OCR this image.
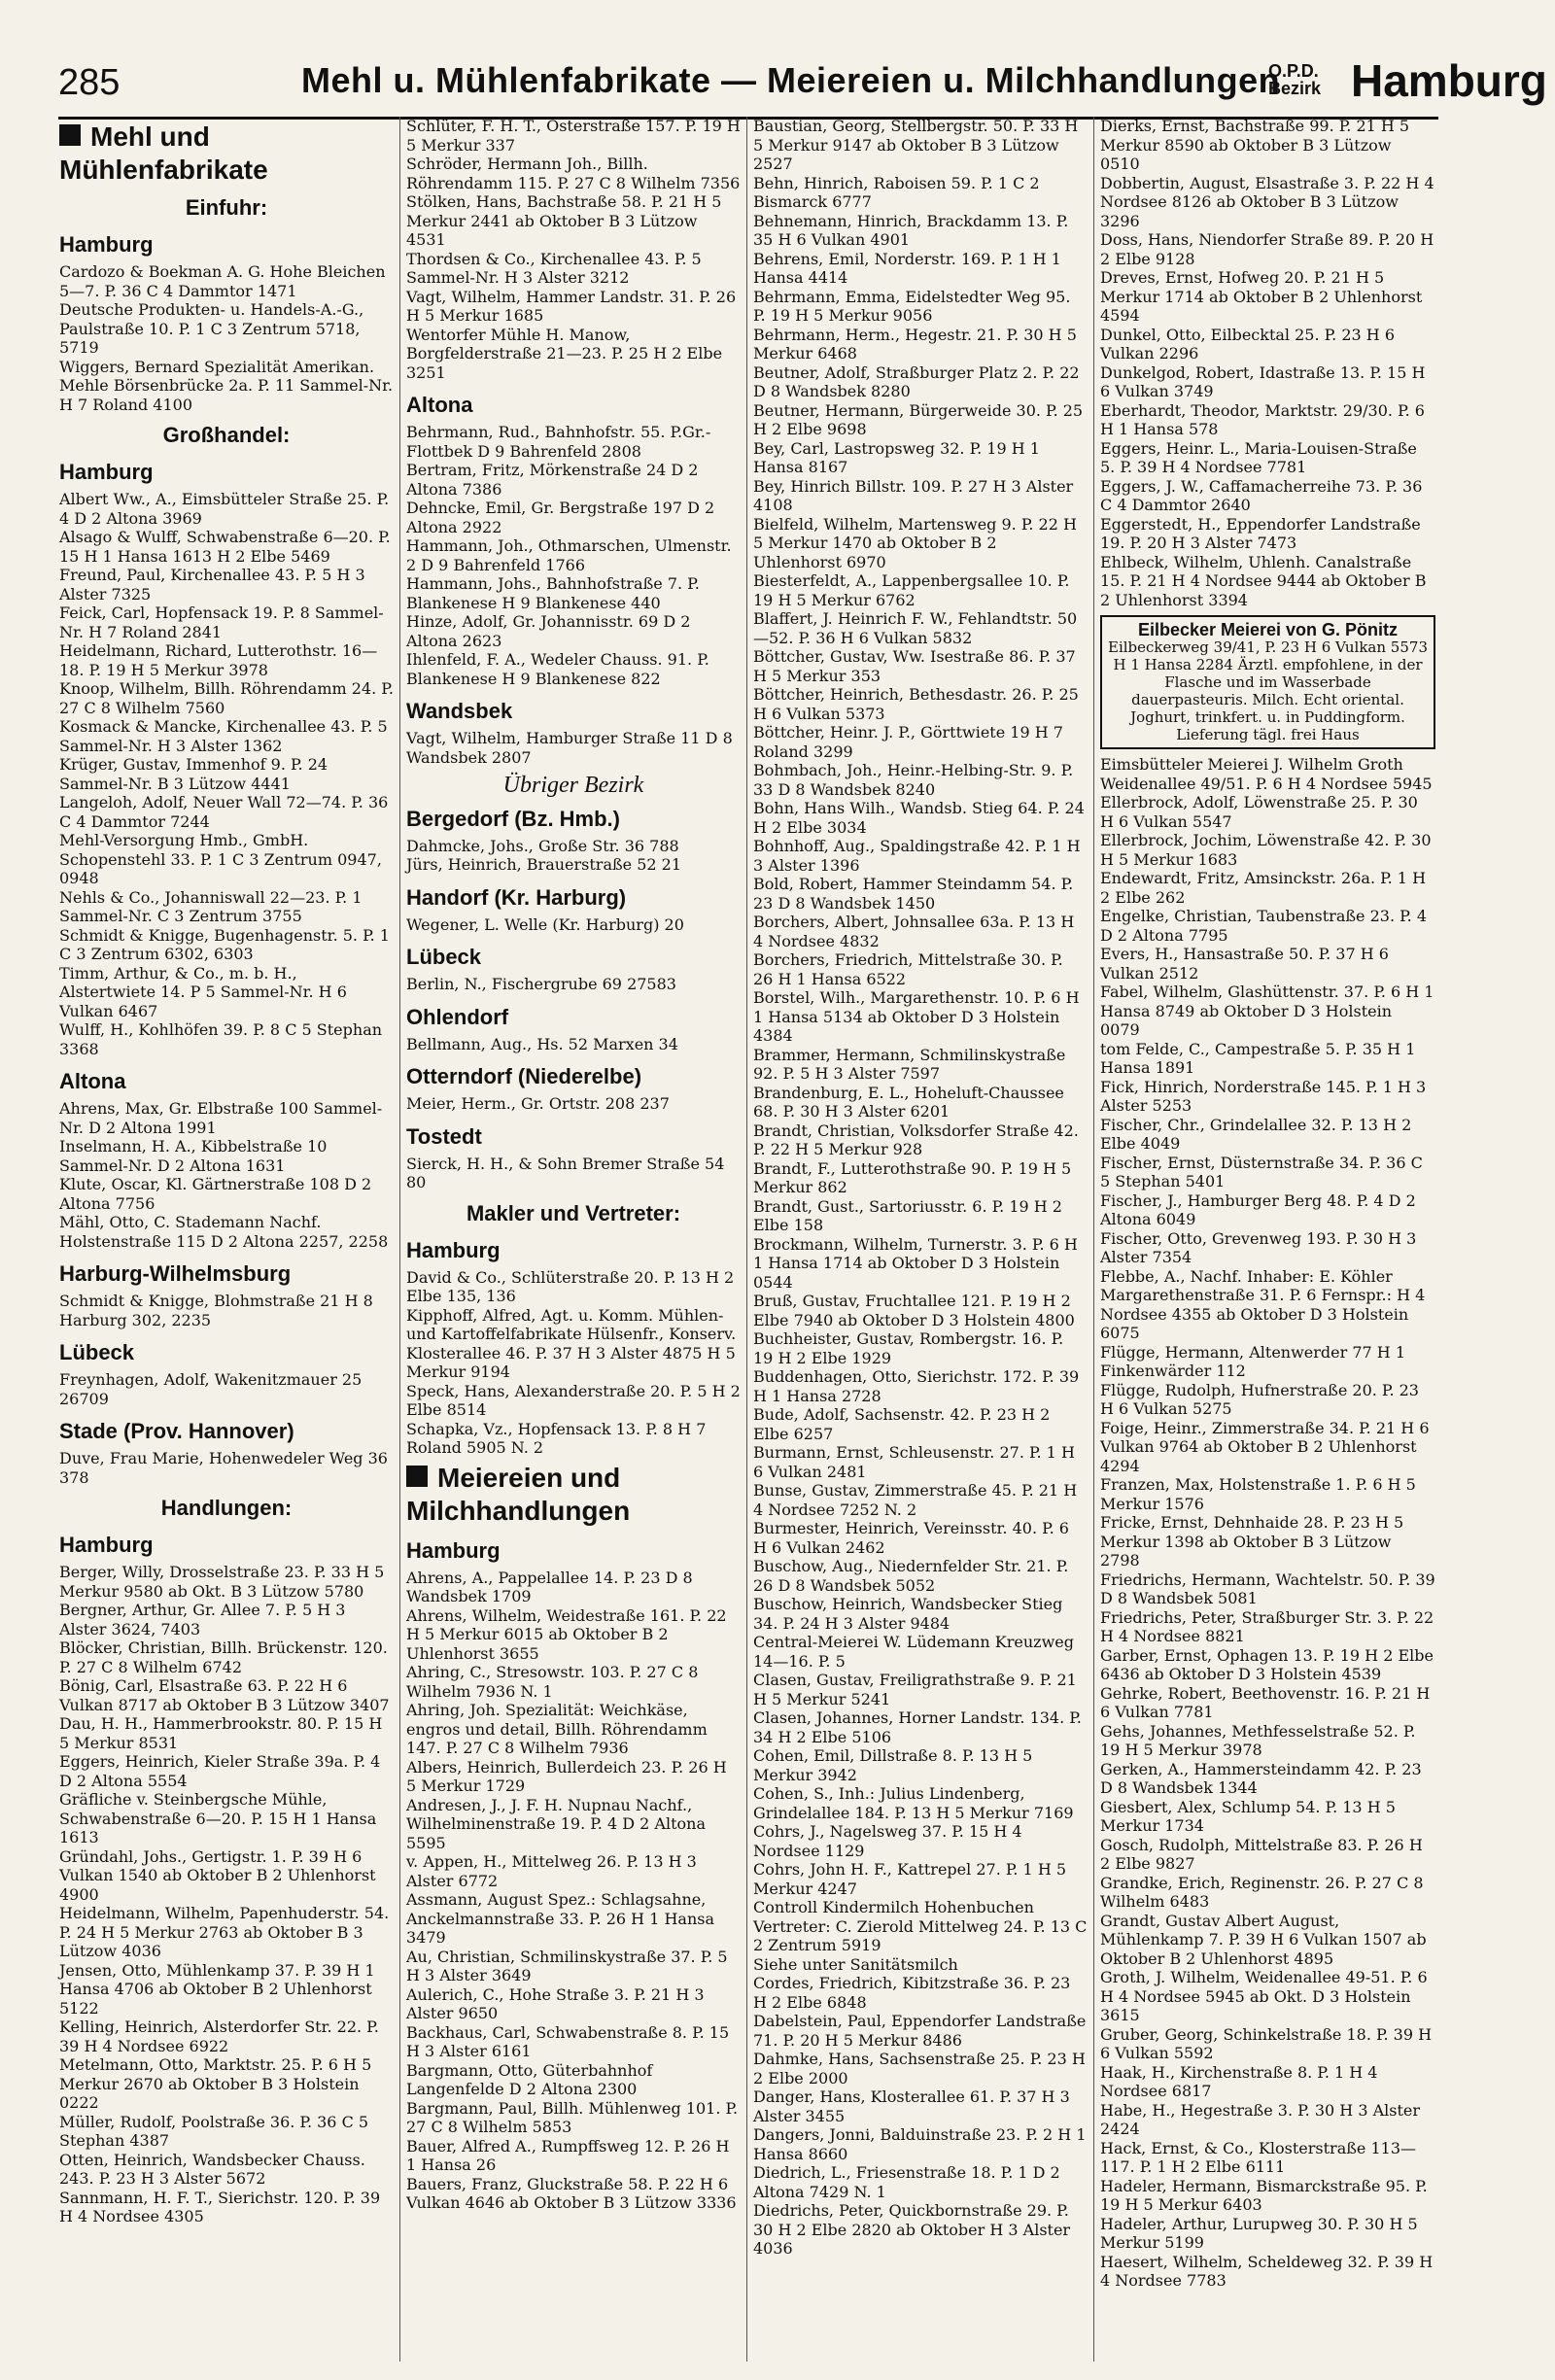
285	Mehl u. Mühlenfabrikate — Meiereien u. Milchhandlungen
O.P.D.
Bezirk Hamburg
Mehl und Mühlenfabrikate
Einfuhr:
Hamburg
Cardozo & Boekman A. G. Hohe Bleichen 5—7. P. 36 C 4 Dammtor 1471
Deutsche Produkten- u. Handels-A.-G., Paulstraße 10. P. 1 C 3 Zentrum 5718, 5719
Wiggers, Bernard Spezialität Amerikan. Mehle Börsenbrücke 2a. P. 11 Sammel-Nr. H 7 Roland 4100
Großhandel:
Hamburg
Albert Ww., A., Eimsbütteler Straße 25. P. 4 D 2 Altona 3969
Alsago & Wulff, Schwabenstraße 6—20. P. 15 H 1 Hansa 1613 H 2 Elbe 5469
Freund, Paul, Kirchenallee 43. P. 5 H 3 Alster 7325
Feick, Carl, Hopfensack 19. P. 8 Sammel-Nr. H 7 Roland 2841
Heidelmann, Richard, Lutterothstr. 16—18. P. 19 H 5 Merkur 3978
Knoop, Wilhelm, Billh. Röhrendamm 24. P. 27 C 8 Wilhelm 7560
Kosmack & Mancke, Kirchenallee 43. P. 5 Sammel-Nr. H 3 Alster 1362
Krüger, Gustav, Immenhof 9. P. 24 Sammel-Nr. B 3 Lützow 4441
Langeloh, Adolf, Neuer Wall 72—74. P. 36 C 4 Dammtor 7244
Mehl-Versorgung Hmb., GmbH. Schopenstehl 33. P. 1 C 3 Zentrum 0947, 0948
Nehls & Co., Johanniswall 22—23. P. 1 Sammel-Nr. C 3 Zentrum 3755
Schmidt & Knigge, Bugenhagenstr. 5. P. 1 C 3 Zentrum 6302, 6303
Timm, Arthur, & Co., m. b. H., Alstertwiete 14. P 5 Sammel-Nr. H 6 Vulkan 6467
Wulff, H., Kohlhöfen 39. P. 8 C 5 Stephan 3368
Altona
Ahrens, Max, Gr. Elbstraße 100 Sammel-Nr. D 2 Altona 1991
Inselmann, H. A., Kibbelstraße 10 Sammel-Nr. D 2 Altona 1631
Klute, Oscar, Kl. Gärtnerstraße 108 D 2 Altona 7756
Mähl, Otto, C. Stademann Nachf. Holstenstraße 115 D 2 Altona 2257, 2258
Harburg-Wilhelmsburg
Schmidt & Knigge, Blohmstraße 21 H 8 Harburg 302, 2235
Lübeck
Freynhagen, Adolf, Wakenitzmauer 25 26709
Stade (Prov. Hannover)
Duve, Frau Marie, Hohenwedeler Weg 36 378
Handlungen:
Hamburg
Berger, Willy, Drosselstraße 23. P. 33 H 5 Merkur 9580 ab Okt. B 3 Lützow 5780
Bergner, Arthur, Gr. Allee 7. P. 5 H 3 Alster 3624, 7403
Blöcker, Christian, Billh. Brückenstr. 120. P. 27 C 8 Wilhelm 6742
Bönig, Carl, Elsastraße 63. P. 22 H 6 Vulkan 8717 ab Oktober B 3 Lützow 3407
Dau, H. H., Hammerbrookstr. 80. P. 15 H 5 Merkur 8531
Eggers, Heinrich, Kieler Straße 39a. P. 4 D 2 Altona 5554
Gräfliche v. Steinbergsche Mühle, Schwabenstraße 6—20. P. 15 H 1 Hansa 1613
Gründahl, Johs., Gertigstr. 1. P. 39 H 6 Vulkan 1540 ab Oktober B 2 Uhlenhorst 4900
Heidelmann, Wilhelm, Papenhuderstr. 54. P. 24 H 5 Merkur 2763 ab Oktober B 3 Lützow 4036
Jensen, Otto, Mühlenkamp 37. P. 39 H 1 Hansa 4706 ab Oktober B 2 Uhlenhorst 5122
Kelling, Heinrich, Alsterdorfer Str. 22. P. 39 H 4 Nordsee 6922
Metelmann, Otto, Marktstr. 25. P. 6 H 5 Merkur 2670 ab Oktober B 3 Holstein 0222
Müller, Rudolf, Poolstraße 36. P. 36 C 5 Stephan 4387
Otten, Heinrich, Wandsbecker Chauss. 243. P. 23 H 3 Alster 5672
Sannmann, H. F. T., Sierichstr. 120. P. 39 H 4 Nordsee 4305
Schlüter, F. H. T., Osterstraße 157. P. 19 H 5 Merkur 337
Schröder, Hermann Joh., Billh. Röhrendamm 115. P. 27 C 8 Wilhelm 7356
Stölken, Hans, Bachstraße 58. P. 21 H 5 Merkur 2441 ab Oktober B 3 Lützow 4531
Thordsen & Co., Kirchenallee 43. P. 5 Sammel-Nr. H 3 Alster 3212
Vagt, Wilhelm, Hammer Landstr. 31. P. 26 H 5 Merkur 1685
Wentorfer Mühle H. Manow, Borgfelderstraße 21—23. P. 25 H 2 Elbe 3251
Altona
Behrmann, Rud., Bahnhofstr. 55. P.Gr.-Flottbek D 9 Bahrenfeld 2808
Bertram, Fritz, Mörkenstraße 24 D 2 Altona 7386
Dehncke, Emil, Gr. Bergstraße 197 D 2 Altona 2922
Hammann, Joh., Othmarschen, Ulmenstr. 2 D 9 Bahrenfeld 1766
Hammann, Johs., Bahnhofstraße 7. P. Blankenese H 9 Blankenese 440
Hinze, Adolf, Gr. Johannisstr. 69 D 2 Altona 2623
Ihlenfeld, F. A., Wedeler Chauss. 91. P. Blankenese H 9 Blankenese 822
Wandsbek
Vagt, Wilhelm, Hamburger Straße 11 D 8 Wandsbek 2807
Übriger Bezirk
Bergedorf (Bz. Hmb.)
Dahmcke, Johs., Große Str. 36 788
Jürs, Heinrich, Brauerstraße 52 21
Handorf (Kr. Harburg)
Wegener, L. Welle (Kr. Harburg) 20
Lübeck
Berlin, N., Fischergrube 69 27583
Ohlendorf
Bellmann, Aug., Hs. 52 Marxen 34
Otterndorf (Niederelbe)
Meier, Herm., Gr. Ortstr. 208 237
Tostedt
Sierck, H. H., & Sohn Bremer Straße 54 80
Makler und Vertreter:
Hamburg
David & Co., Schlüterstraße 20. P. 13 H 2 Elbe 135, 136
Kipphoff, Alfred, Agt. u. Komm. Mühlen- und Kartoffelfabrikate Hülsenfr., Konserv. Klosterallee 46. P. 37 H 3 Alster 4875 H 5 Merkur 9194
Speck, Hans, Alexanderstraße 20. P. 5 H 2 Elbe 8514
Schapka, Vz., Hopfensack 13. P. 8 H 7 Roland 5905 N. 2
Meiereien und Milchhandlungen
Hamburg
Ahrens, A., Pappelallee 14. P. 23 D 8 Wandsbek 1709
Ahrens, Wilhelm, Weidestraße 161. P. 22 H 5 Merkur 6015 ab Oktober B 2 Uhlenhorst 3655
Ahring, C., Stresowstr. 103. P. 27 C 8 Wilhelm 7936 N. 1
Ahring, Joh. Spezialität: Weichkäse, engros und detail, Billh. Röhrendamm 147. P. 27 C 8 Wilhelm 7936
Albers, Heinrich, Bullerdeich 23. P. 26 H 5 Merkur 1729
Andresen, J., J. F. H. Nupnau Nachf., Wilhelminenstraße 19. P. 4 D 2 Altona 5595
v. Appen, H., Mittelweg 26. P. 13 H 3 Alster 6772
Assmann, August Spez.: Schlagsahne, Anckelmannstraße 33. P. 26 H 1 Hansa 3479
Au, Christian, Schmilinskystraße 37. P. 5 H 3 Alster 3649
Aulerich, C., Hohe Straße 3. P. 21 H 3 Alster 9650
Backhaus, Carl, Schwabenstraße 8. P. 15 H 3 Alster 6161
Bargmann, Otto, Güterbahnhof Langenfelde D 2 Altona 2300
Bargmann, Paul, Billh. Mühlenweg 101. P. 27 C 8 Wilhelm 5853
Bauer, Alfred A., Rumpffsweg 12. P. 26 H 1 Hansa 26
Bauers, Franz, Gluckstraße 58. P. 22 H 6 Vulkan 4646 ab Oktober B 3 Lützow 3336
Baustian, Georg, Stellbergstr. 50. P. 33 H 5 Merkur 9147 ab Oktober B 3 Lützow 2527
Behn, Hinrich, Raboisen 59. P. 1 C 2 Bismarck 6777
Behnemann, Hinrich, Brackdamm 13. P. 35 H 6 Vulkan 4901
Behrens, Emil, Norderstr. 169. P. 1 H 1 Hansa 4414
Behrmann, Emma, Eidelstedter Weg 95. P. 19 H 5 Merkur 9056
Behrmann, Herm., Hegestr. 21. P. 30 H 5 Merkur 6468
Beutner, Adolf, Straßburger Platz 2. P. 22 D 8 Wandsbek 8280
Beutner, Hermann, Bürgerweide 30. P. 25 H 2 Elbe 9698
Bey, Carl, Lastropsweg 32. P. 19 H 1 Hansa 8167
Bey, Hinrich Billstr. 109. P. 27 H 3 Alster 4108
Bielfeld, Wilhelm, Martensweg 9. P. 22 H 5 Merkur 1470 ab Oktober B 2 Uhlenhorst 6970
Biesterfeldt, A., Lappenbergsallee 10. P. 19 H 5 Merkur 6762
Blaffert, J. Heinrich F. W., Fehlandtstr. 50—52. P. 36 H 6 Vulkan 5832
Böttcher, Gustav, Ww. Isestraße 86. P. 37 H 5 Merkur 353
Böttcher, Heinrich, Bethesdastr. 26. P. 25 H 6 Vulkan 5373
Böttcher, Heinr. J. P., Görttwiete 19 H 7 Roland 3299
Bohmbach, Joh., Heinr.-Helbing-Str. 9. P. 33 D 8 Wandsbek 8240
Bohn, Hans Wilh., Wandsb. Stieg 64. P. 24 H 2 Elbe 3034
Bohnhoff, Aug., Spaldingstraße 42. P. 1 H 3 Alster 1396
Bold, Robert, Hammer Steindamm 54. P. 23 D 8 Wandsbek 1450
Borchers, Albert, Johnsallee 63a. P. 13 H 4 Nordsee 4832
Borchers, Friedrich, Mittelstraße 30. P. 26 H 1 Hansa 6522
Borstel, Wilh., Margarethenstr. 10. P. 6 H 1 Hansa 5134 ab Oktober D 3 Holstein 4384
Brammer, Hermann, Schmilinskystraße 92. P. 5 H 3 Alster 7597
Brandenburg, E. L., Hoheluft-Chaussee 68. P. 30 H 3 Alster 6201
Brandt, Christian, Volksdorfer Straße 42. P. 22 H 5 Merkur 928
Brandt, F., Lutterothstraße 90. P. 19 H 5 Merkur 862
Brandt, Gust., Sartoriusstr. 6. P. 19 H 2 Elbe 158
Brockmann, Wilhelm, Turnerstr. 3. P. 6 H 1 Hansa 1714 ab Oktober D 3 Holstein 0544
Bruß, Gustav, Fruchtallee 121. P. 19 H 2 Elbe 7940 ab Oktober D 3 Holstein 4800
Buchheister, Gustav, Rombergstr. 16. P. 19 H 2 Elbe 1929
Buddenhagen, Otto, Sierichstr. 172. P. 39 H 1 Hansa 2728
Bude, Adolf, Sachsenstr. 42. P. 23 H 2 Elbe 6257
Burmann, Ernst, Schleusenstr. 27. P. 1 H 6 Vulkan 2481
Bunse, Gustav, Zimmerstraße 45. P. 21 H 4 Nordsee 7252 N. 2
Burmester, Heinrich, Vereinsstr. 40. P. 6 H 6 Vulkan 2462
Buschow, Aug., Niedernfelder Str. 21. P. 26 D 8 Wandsbek 5052
Buschow, Heinrich, Wandsbecker Stieg 34. P. 24 H 3 Alster 9484
Central-Meierei W. Lüdemann Kreuzweg 14—16. P. 5
Clasen, Gustav, Freiligrathstraße 9. P. 21 H 5 Merkur 5241
Clasen, Johannes, Horner Landstr. 134. P. 34 H 2 Elbe 5106
Cohen, Emil, Dillstraße 8. P. 13 H 5 Merkur 3942
Cohen, S., Inh.: Julius Lindenberg, Grindelallee 184. P. 13 H 5 Merkur 7169
Cohrs, J., Nagelsweg 37. P. 15 H 4 Nordsee 1129
Cohrs, John H. F., Kattrepel 27. P. 1 H 5 Merkur 4247
Controll Kindermilch Hohenbuchen Vertreter: C. Zierold Mittelweg 24. P. 13 C 2 Zentrum 5919
Siehe unter Sanitätsmilch
Cordes, Friedrich, Kibitzstraße 36. P. 23 H 2 Elbe 6848
Dabelstein, Paul, Eppendorfer Landstraße 71. P. 20 H 5 Merkur 8486
Dahmke, Hans, Sachsenstraße 25. P. 23 H 2 Elbe 2000
Danger, Hans, Klosterallee 61. P. 37 H 3 Alster 3455
Dangers, Jonni, Balduinstraße 23. P. 2 H 1 Hansa 8660
Diedrich, L., Friesenstraße 18. P. 1 D 2 Altona 7429 N. 1
Diedrichs, Peter, Quickbornstraße 29. P. 30 H 2 Elbe 2820 ab Oktober H 3 Alster 4036
Dierks, Ernst, Bachstraße 99. P. 21 H 5 Merkur 8590 ab Oktober B 3 Lützow 0510
Dobbertin, August, Elsastraße 3. P. 22 H 4 Nordsee 8126 ab Oktober B 3 Lützow 3296
Doss, Hans, Niendorfer Straße 89. P. 20 H 2 Elbe 9128
Dreves, Ernst, Hofweg 20. P. 21 H 5 Merkur 1714 ab Oktober B 2 Uhlenhorst 4594
Dunkel, Otto, Eilbecktal 25. P. 23 H 6 Vulkan 2296
Dunkelgod, Robert, Idastraße 13. P. 15 H 6 Vulkan 3749
Eberhardt, Theodor, Marktstr. 29/30. P. 6 H 1 Hansa 578
Eggers, Heinr. L., Maria-Louisen-Straße 5. P. 39 H 4 Nordsee 7781
Eggers, J. W., Caffamacherreihe 73. P. 36 C 4 Dammtor 2640
Eggerstedt, H., Eppendorfer Landstraße 19. P. 20 H 3 Alster 7473
Ehlbeck, Wilhelm, Uhlenh. Canalstraße 15. P. 21 H 4 Nordsee 9444 ab Oktober B 2 Uhlenhorst 3394
Eilbecker Meierei von G. Pönitz
Eilbeckerweg 39/41, P. 23 H 6 Vulkan 5573 H 1 Hansa 2284 Ärztl. empfohlene, in der Flasche und im Wasserbade dauerpasteuris. Milch. Echt oriental. Joghurt, trinkfert. u. in Puddingform. Lieferung tägl. frei Haus
Eimsbütteler Meierei J. Wilhelm Groth Weidenallee 49/51. P. 6 H 4 Nordsee 5945
Ellerbrock, Adolf, Löwenstraße 25. P. 30 H 6 Vulkan 5547
Ellerbrock, Jochim, Löwenstraße 42. P. 30 H 5 Merkur 1683
Endewardt, Fritz, Amsinckstr. 26a. P. 1 H 2 Elbe 262
Engelke, Christian, Taubenstraße 23. P. 4 D 2 Altona 7795
Evers, H., Hansastraße 50. P. 37 H 6 Vulkan 2512
Fabel, Wilhelm, Glashüttenstr. 37. P. 6 H 1 Hansa 8749 ab Oktober D 3 Holstein 0079
tom Felde, C., Campestraße 5. P. 35 H 1 Hansa 1891
Fick, Hinrich, Norderstraße 145. P. 1 H 3 Alster 5253
Fischer, Chr., Grindelallee 32. P. 13 H 2 Elbe 4049
Fischer, Ernst, Düsternstraße 34. P. 36 C 5 Stephan 5401
Fischer, J., Hamburger Berg 48. P. 4 D 2 Altona 6049
Fischer, Otto, Grevenweg 193. P. 30 H 3 Alster 7354
Flebbe, A., Nachf. Inhaber: E. Köhler Margarethenstraße 31. P. 6 Fernspr.: H 4 Nordsee 4355 ab Oktober D 3 Holstein 6075
Flügge, Hermann, Altenwerder 77 H 1 Finkenwärder 112
Flügge, Rudolph, Hufnerstraße 20. P. 23 H 6 Vulkan 5275
Foige, Heinr., Zimmerstraße 34. P. 21 H 6 Vulkan 9764 ab Oktober B 2 Uhlenhorst 4294
Franzen, Max, Holstenstraße 1. P. 6 H 5 Merkur 1576
Fricke, Ernst, Dehnhaide 28. P. 23 H 5 Merkur 1398 ab Oktober B 3 Lützow 2798
Friedrichs, Hermann, Wachtelstr. 50. P. 39 D 8 Wandsbek 5081
Friedrichs, Peter, Straßburger Str. 3. P. 22 H 4 Nordsee 8821
Garber, Ernst, Ophagen 13. P. 19 H 2 Elbe 6436 ab Oktober D 3 Holstein 4539
Gehrke, Robert, Beethovenstr. 16. P. 21 H 6 Vulkan 7781
Gehs, Johannes, Methfesselstraße 52. P. 19 H 5 Merkur 3978
Gerken, A., Hammersteindamm 42. P. 23 D 8 Wandsbek 1344
Giesbert, Alex, Schlump 54. P. 13 H 5 Merkur 1734
Gosch, Rudolph, Mittelstraße 83. P. 26 H 2 Elbe 9827
Grandke, Erich, Reginenstr. 26. P. 27 C 8 Wilhelm 6483
Grandt, Gustav Albert August, Mühlenkamp 7. P. 39 H 6 Vulkan 1507 ab Oktober B 2 Uhlenhorst 4895
Groth, J. Wilhelm, Weidenallee 49-51. P. 6 H 4 Nordsee 5945 ab Okt. D 3 Holstein 3615
Gruber, Georg, Schinkelstraße 18. P. 39 H 6 Vulkan 5592
Haak, H., Kirchenstraße 8. P. 1 H 4 Nordsee 6817
Habe, H., Hegestraße 3. P. 30 H 3 Alster 2424
Hack, Ernst, & Co., Klosterstraße 113—117. P. 1 H 2 Elbe 6111
Hadeler, Hermann, Bismarckstraße 95. P. 19 H 5 Merkur 6403
Hadeler, Arthur, Lurupweg 30. P. 30 H 5 Merkur 5199
Haesert, Wilhelm, Scheldeweg 32. P. 39 H 4 Nordsee 7783
